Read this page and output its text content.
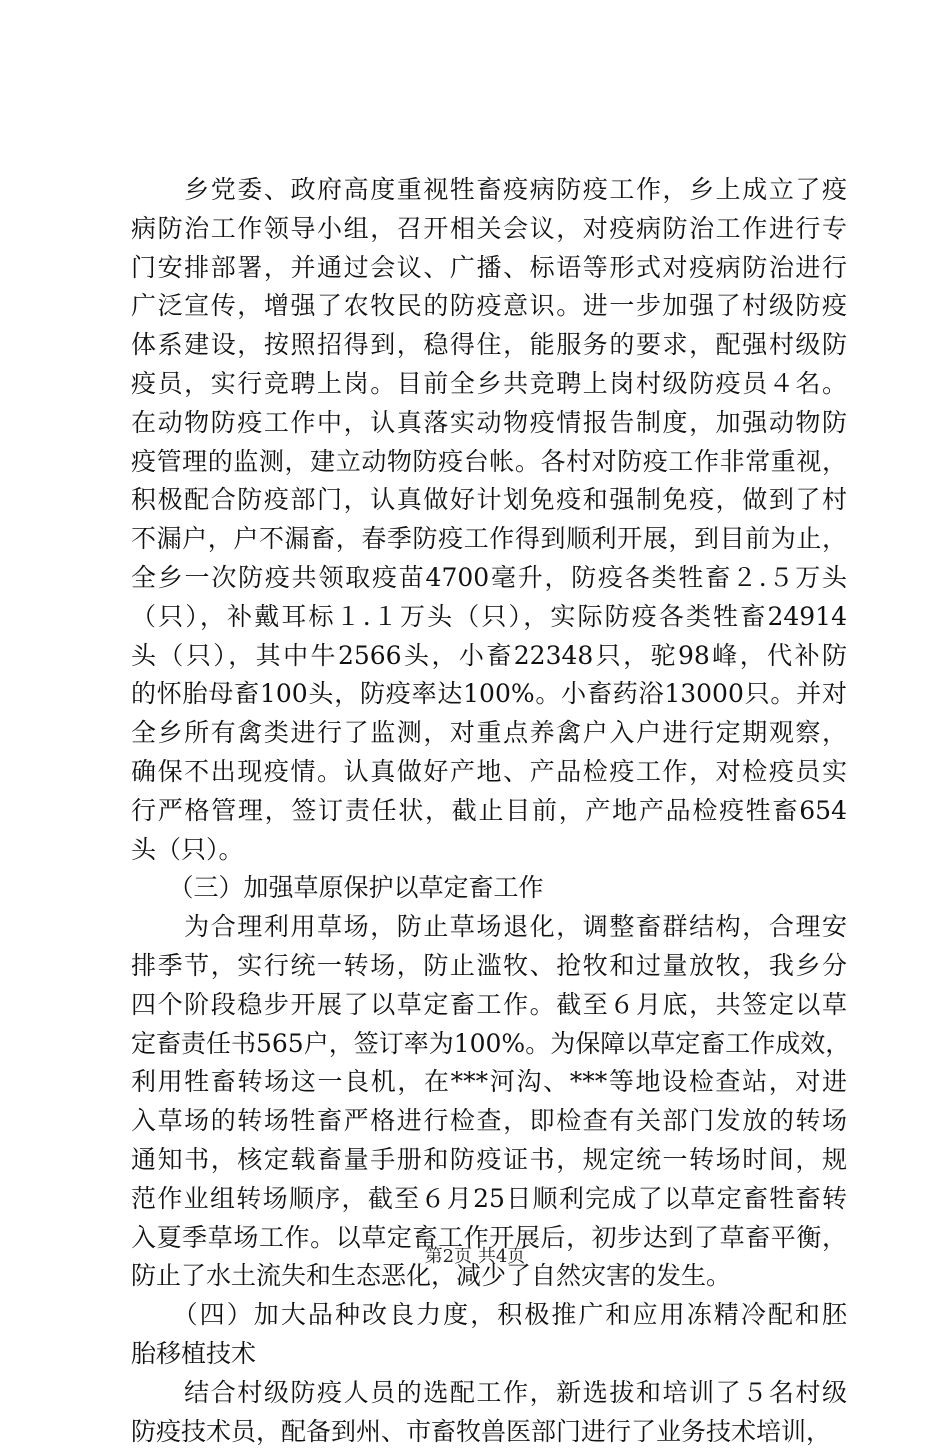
　　乡党委、政府高度重视牲畜疫病防疫工作，乡上成立了疫
病防治工作领导小组，召开相关会议，对疫病防治工作进行专
门安排部署，并通过会议、广播、标语等形式对疫病防治进行
广泛宣传，增强了农牧民的防疫意识。进一步加强了村级防疫
体系建设，按照招得到，稳得住，能服务的要求，配强村级防
疫员，实行竞聘上岗。目前全乡共竞聘上岗村级防疫员４名。
在动物防疫工作中，认真落实动物疫情报告制度，加强动物防
疫管理的监测，建立动物防疫台帐。各村对防疫工作非常重视，
积极配合防疫部门，认真做好计划免疫和强制免疫，做到了村
不漏户，户不漏畜，春季防疫工作得到顺利开展，到目前为止，
全乡一次防疫共领取疫苗4700毫升，防疫各类牲畜２.５万头
（只），补戴耳标１.１万头（只），实际防疫各类牲畜24914
头（只），其中牛2566头，小畜22348只，驼98峰，代补防
的怀胎母畜100头，防疫率达100%。小畜药浴13000只。并对
全乡所有禽类进行了监测，对重点养禽户入户进行定期观察，
确保不出现疫情。认真做好产地、产品检疫工作，对检疫员实
行严格管理，签订责任状，截止目前，产地产品检疫牲畜654
头（只）。
　　（三）加强草原保护以草定畜工作
　　为合理利用草场，防止草场退化，调整畜群结构，合理安
排季节，实行统一转场，防止滥牧、抢牧和过量放牧，我乡分
四个阶段稳步开展了以草定畜工作。截至６月底，共签定以草
定畜责任书565户，签订率为100%。为保障以草定畜工作成效，
利用牲畜转场这一良机，在***河沟、***等地设检查站，对进
入草场的转场牲畜严格进行检查，即检查有关部门发放的转场
通知书，核定载畜量手册和防疫证书，规定统一转场时间，规
范作业组转场顺序，截至６月25日顺利完成了以草定畜牲畜转
入夏季草场工作。以草定畜工作开展后，初步达到了草畜平衡，
防止了水土流失和生态恶化，减少了自然灾害的发生。
　　（四）加大品种改良力度，积极推广和应用冻精冷配和胚
胎移植技术
　　结合村级防疫人员的选配工作，新选拔和培训了５名村级
防疫技术员，配备到州、市畜牧兽医部门进行了业务技术培训，
第2页 共4页
